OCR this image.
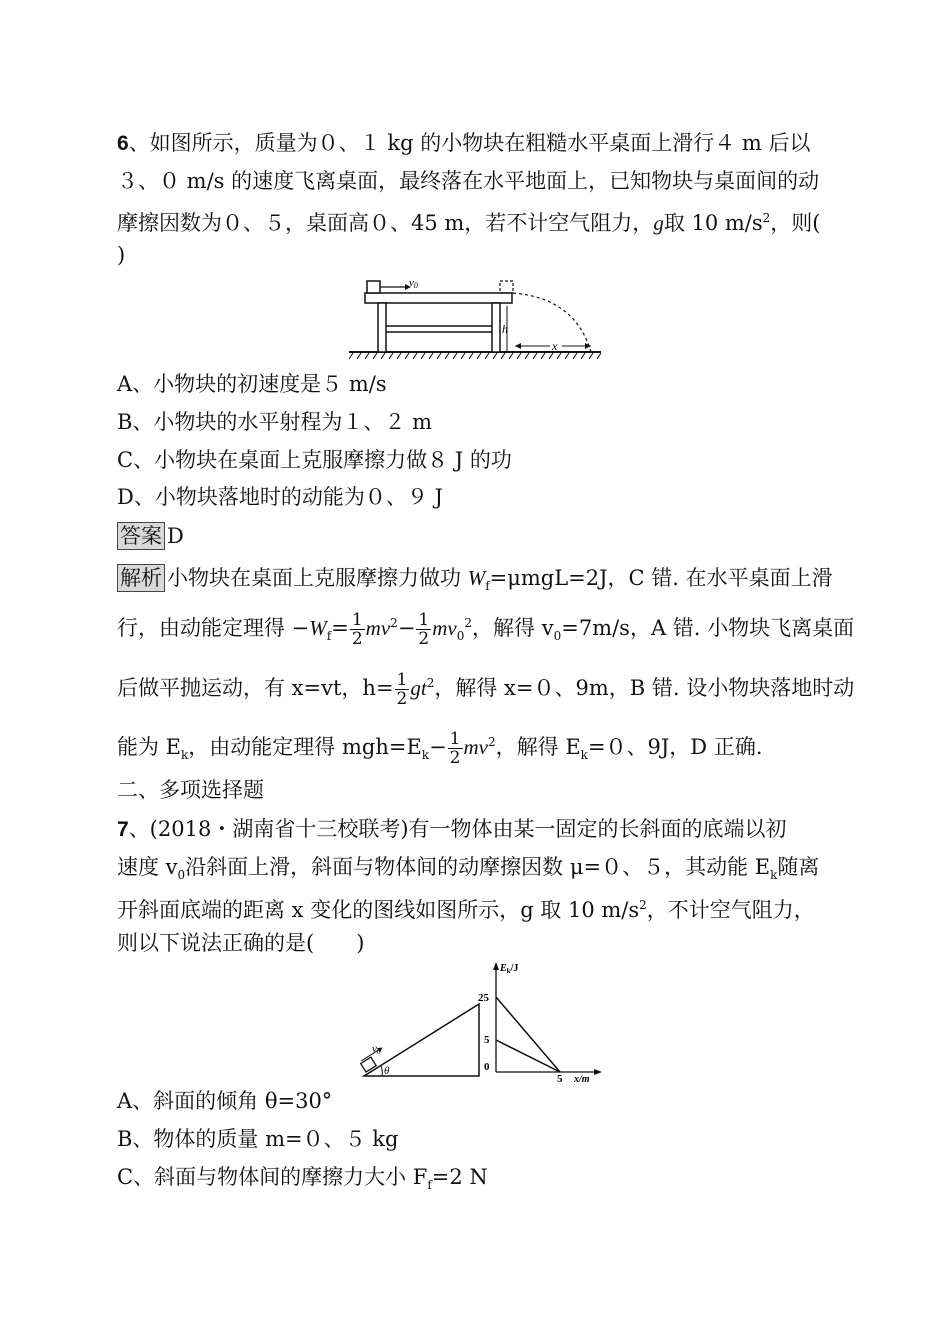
6、如图所示，质量为０、１ kg 的小物块在粗糙水平桌面上滑行４ m 后以
３、０ m/s 的速度飞离桌面，最终落在水平地面上，已知物块与桌面间的动
摩擦因数为０、５，桌面高０、45 m，若不计空气阻力，g取 10 $m/s^2$，则(
)
v0
h
x
A、小物块的初速度是５ m/s
B、小物块的水平射程为１、２ m
C、小物块在桌面上克服摩擦力做８ J 的功
D、小物块落地时的动能为０、９ J
答案 D
解析 小物块在桌面上克服摩擦力做功 $W_f=\mu mgL=2J$，C 错. 在水平桌面上滑
行，由动能定理得 $-W_f= \frac{1}{2} mv^2- \frac{1}{2} mv_0^2$，解得 $v_0=7m/s$，A 错. 小物块飞离桌面
后做平抛运动，有 x=vt，$h= \frac{1}{2} gt^2$，解得 x=０、9m，B 错. 设小物块落地时动
能为 $E_k$，由动能定理得 $mgh=E_k- \frac{1}{2} mv^2$，解得 $E_k=0$、9J，D 正确.
二、多项选择题
7、(2018・湖南省十三校联考)有一物体由某一固定的长斜面的底端以初
速度 $v_0$沿斜面上滑，斜面与物体间的动摩擦因数 μ=０、５，其动能 $E_k$随离
开斜面底端的距离 x 变化的图线如图所示，g 取 10 $m/s^2$，不计空气阻力，
则以下说法正确的是(　　)
v0
θ
$E_k/J$
25
5
0
5 x/m
A、斜面的倾角 θ=30°
B、物体的质量 m=０、５ kg
C、斜面与物体间的摩擦力大小 $F_f=2$ N
